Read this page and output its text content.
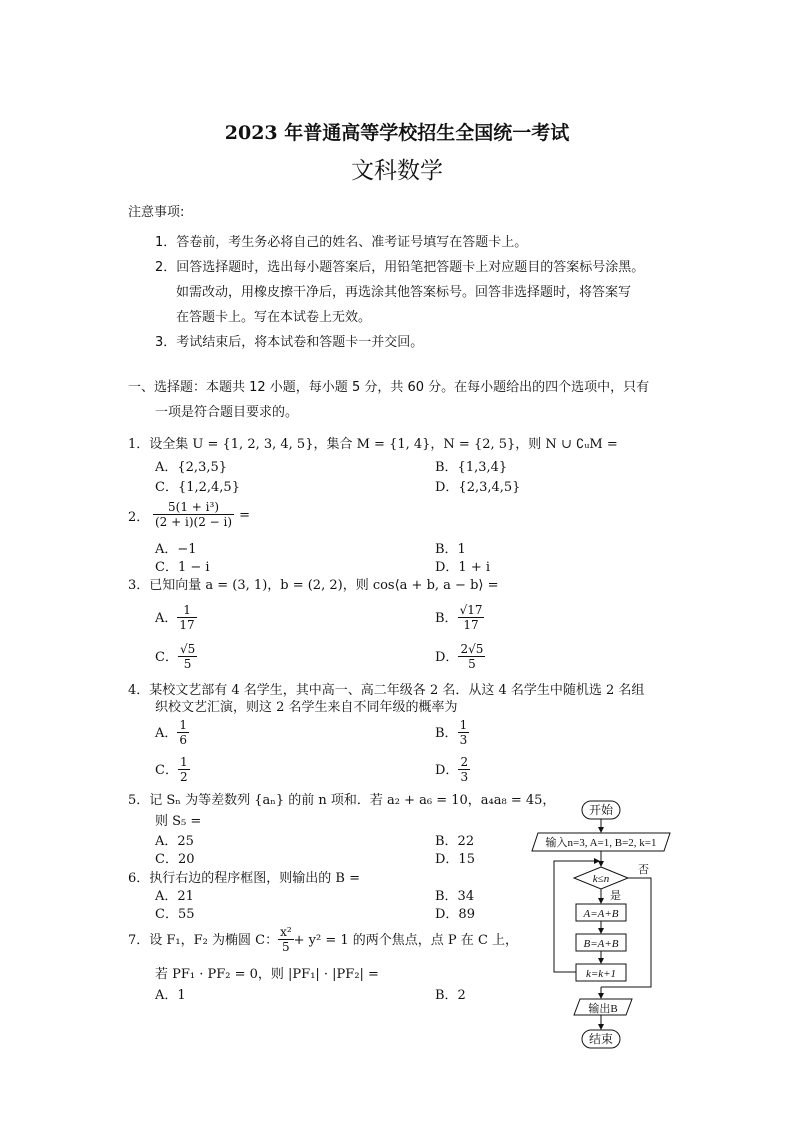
2023 年普通高等学校招生全国统一考试
文科数学
注意事项:
1．答卷前，考生务必将自己的姓名、准考证号填写在答题卡上。
2．回答选择题时，选出每小题答案后，用铅笔把答题卡上对应题目的答案标号涂黑。
如需改动，用橡皮擦干净后，再选涂其他答案标号。回答非选择题时，将答案写
在答题卡上。写在本试卷上无效。
3．考试结束后，将本试卷和答题卡一并交回。
一、选择题：本题共 12 小题，每小题 5 分，共 60 分。在每小题给出的四个选项中，只有
一项是符合题目要求的。
1．设全集 U = {1, 2, 3, 4, 5}，集合 M = {1, 4}，N = {2, 5}，则 N ∪ ∁ᵤM =
A．{2,3,5}	B．{1,3,4}
C．{1,2,4,5}	D．{2,3,4,5}
2． $\frac{\text{5(1 + i³)}}{(2 + i)(2 - i)}$ =
A．−1	B．1
C．1 − i	D．1 + i
3．已知向量 a = (3, 1)，b = (2, 2)，则 cos⟨a + b, a − b⟩ =
A． $\frac{1}{17}$	B． $\frac{√17}{17}$
C． $\frac{√5}{5}$	D． $\frac{2√5}{5}$
4．某校文艺部有 4 名学生，其中高一、高二年级各 2 名．从这 4 名学生中随机选 2 名组
织校文艺汇演，则这 2 名学生来自不同年级的概率为
A． $\frac{1}{6}$	B． $\frac{1}{3}$
C． $\frac{1}{2}$	D． $\frac{2}{3}$
5．记 Sₙ 为等差数列 {aₙ} 的前 n 项和．若 a₂ + a₆ = 10，a₄a₈ = 45，
则 S₅ =
A．25	B．22
C．20	D．15
6．执行右边的程序框图，则输出的 B =
A．21	B．34
C．55	D．89
7．设 F₁，F₂ 为椭圆 C： $\frac{\text{x²}}{5} + y^2 = 1$ 的两个焦点，点 P 在 C 上，
若 PF₁ · PF₂ = 0，则 |PF₁| · |PF₂| =
A．1	B．2
开始
输入n=3, A=1, B=2, k=1
k≤n
是
否
A=A+B
B=A+B
k=k+1
输出B
结束
